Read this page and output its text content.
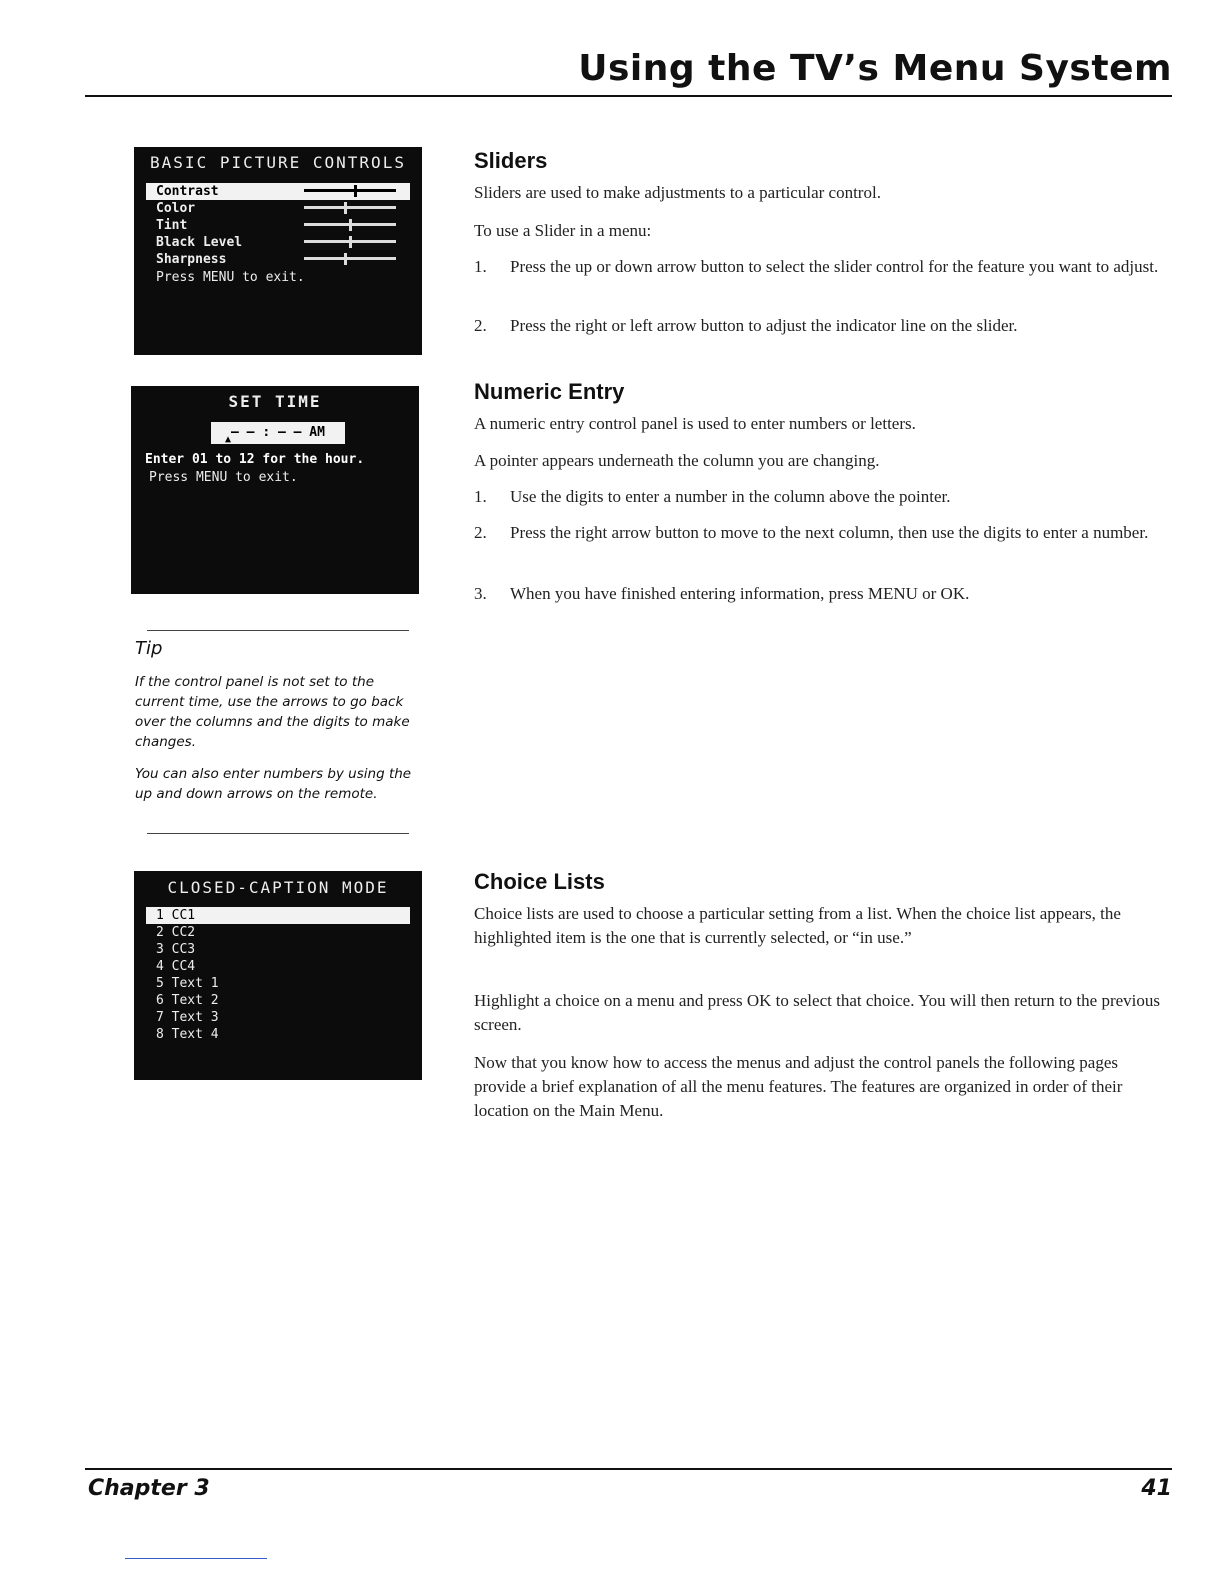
Using the TV’s Menu System
BASIC PICTURE CONTROLS
Contrast
Color
Tint
Black Level
Sharpness
Press MENU to exit.
SET TIME
— — : — — AM
▲
Enter 01 to 12 for the hour.
Press MENU to exit.
Tip
If the control panel is not set to the current time, use the arrows to go back over the columns and the digits to make changes.
You can also enter numbers by using the up and down arrows on the remote.
CLOSED-CAPTION MODE
1 CC1
2 CC2
3 CC3
4 CC4
5 Text 1
6 Text 2
7 Text 3
8 Text 4
Sliders
Sliders are used to make adjustments to a particular control.
To use a Slider in a menu:
1. Press the up or down arrow button to select the slider control for the feature you want to adjust.
2. Press the right or left arrow button to adjust the indicator line on the slider.
Numeric Entry
A numeric entry control panel is used to enter numbers or letters.
A pointer appears underneath the column you are changing.
1. Use the digits to enter a number in the column above the pointer.
2. Press the right arrow button to move to the next column, then use the digits to enter a number.
3. When you have finished entering information, press MENU or OK.
Choice Lists
Choice lists are used to choose a particular setting from a list. When the choice list appears, the highlighted item is the one that is currently selected, or “in use.”
Highlight a choice on a menu and press OK to select that choice. You will then return to the previous screen.
Now that you know how to access the menus and adjust the control panels the following pages provide a brief explanation of all the menu features. The features are organized in order of their location on the Main Menu.
Chapter 3	41
